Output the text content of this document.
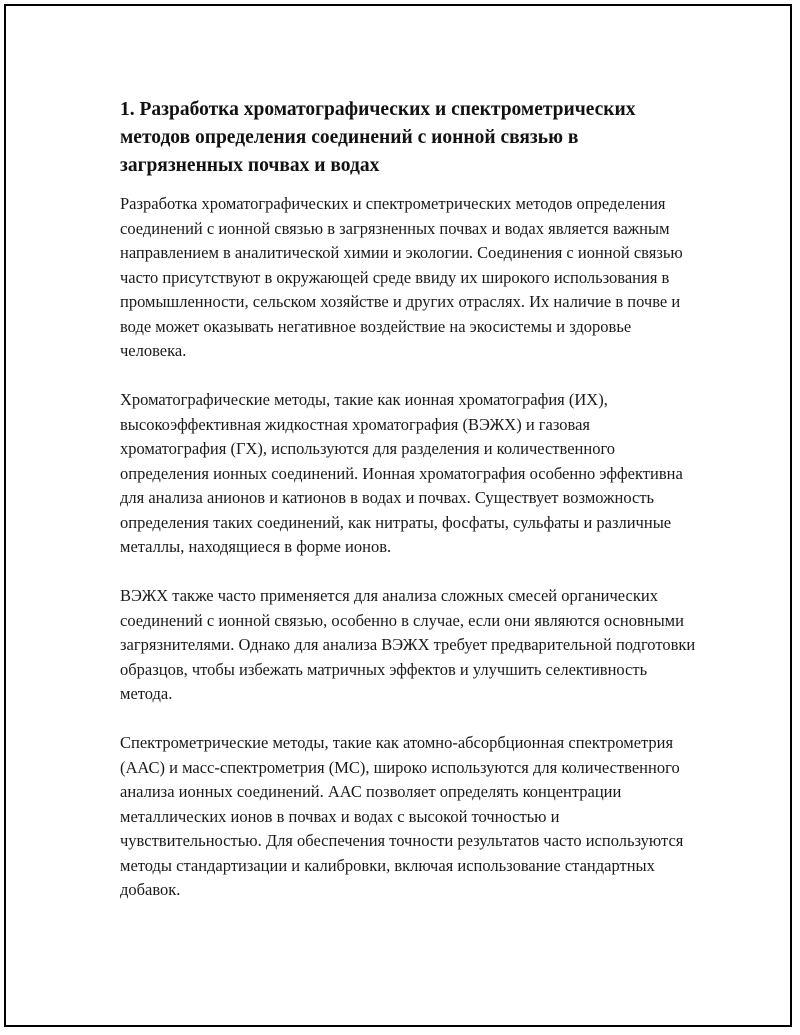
1. Разработка хроматографических и спектрометрических методов определения соединений с ионной связью в загрязненных почвах и водах

Разработка хроматографических и спектрометрических методов определения соединений с ионной связью в загрязненных почвах и водах является важным направлением в аналитической химии и экологии. Соединения с ионной связью часто присутствуют в окружающей среде ввиду их широкого использования в промышленности, сельском хозяйстве и других отраслях. Их наличие в почве и воде может оказывать негативное воздействие на экосистемы и здоровье человека.

Хроматографические методы, такие как ионная хроматография (ИХ), высокоэффективная жидкостная хроматография (ВЭЖХ) и газовая хроматография (ГХ), используются для разделения и количественного определения ионных соединений. Ионная хроматография особенно эффективна для анализа анионов и катионов в водах и почвах. Существует возможность определения таких соединений, как нитраты, фосфаты, сульфаты и различные металлы, находящиеся в форме ионов.

ВЭЖХ также часто применяется для анализа сложных смесей органических соединений с ионной связью, особенно в случае, если они являются основными загрязнителями. Однако для анализа ВЭЖХ требует предварительной подготовки образцов, чтобы избежать матричных эффектов и улучшить селективность метода.

Спектрометрические методы, такие как атомно-абсорбционная спектрометрия (ААС) и масс-спектрометрия (МС), широко используются для количественного анализа ионных соединений. ААС позволяет определять концентрации металлических ионов в почвах и водах с высокой точностью и чувствительностью. Для обеспечения точности результатов часто используются методы стандартизации и калибровки, включая использование стандартных добавок.
